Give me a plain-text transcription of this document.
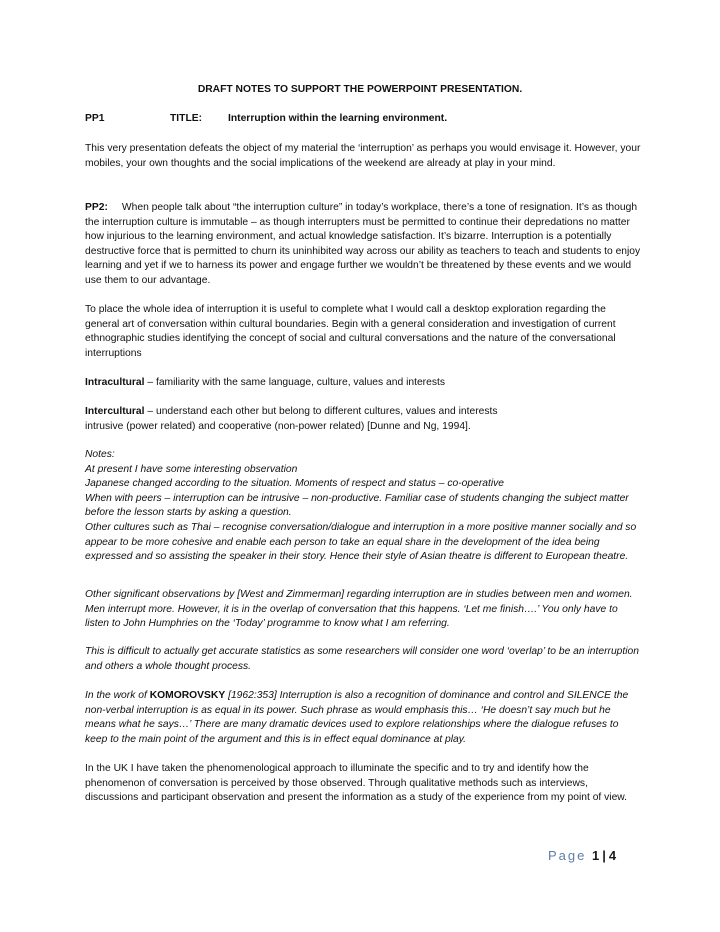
DRAFT NOTES TO SUPPORT THE POWERPOINT PRESENTATION.
PP1	TITLE:	Interruption within the learning environment.

This very presentation defeats the object of my material the ‘interruption’ as perhaps you would envisage it. However, your mobiles, your own thoughts and the social implications of the weekend are already at play in your mind.

PP2: When people talk about “the interruption culture” in today’s workplace, there’s a tone of resignation. It’s as though the interruption culture is immutable – as though interrupters must be permitted to continue their depredations no matter how injurious to the learning environment, and actual knowledge satisfaction. It’s bizarre. Interruption is a potentially destructive force that is permitted to churn its uninhibited way across our ability as teachers to teach and students to enjoy learning and yet if we to harness its power and engage further we wouldn’t be threatened by these events and we would use them to our advantage.

To place the whole idea of interruption it is useful to complete what I would call a desktop exploration regarding the general art of conversation within cultural boundaries. Begin with a general consideration and investigation of current ethnographic studies identifying the concept of social and cultural conversations and the nature of the conversational interruptions

Intracultural – familiarity with the same language, culture, values and interests

Intercultural – understand each other but belong to different cultures, values and interests
intrusive (power related) and cooperative (non-power related) [Dunne and Ng, 1994].
Notes:
At present I have some interesting observation
Japanese changed according to the situation. Moments of respect and status – co-operative
When with peers – interruption can be intrusive – non-productive. Familiar case of students changing the subject matter before the lesson starts by asking a question.
Other cultures such as Thai – recognise conversation/dialogue and interruption in a more positive manner socially and so appear to be more cohesive and enable each person to take an equal share in the development of the idea being expressed and so assisting the speaker in their story. Hence their style of Asian theatre is different to European theatre.

Other significant observations by [West and Zimmerman] regarding interruption are in studies between men and women. Men interrupt more. However, it is in the overlap of conversation that this happens. ‘Let me finish….’ You only have to listen to John Humphries on the ‘Today’ programme to know what I am referring.

This is difficult to actually get accurate statistics as some researchers will consider one word ‘overlap’ to be an interruption and others a whole thought process.

In the work of KOMOROVSKY [1962:353] Interruption is also a recognition of dominance and control and SILENCE the non-verbal interruption is as equal in its power. Such phrase as would emphasis this… ‘He doesn’t say much but he means what he says…’ There are many dramatic devices used to explore relationships where the dialogue refuses to keep to the main point of the argument and this is in effect equal dominance at play.

In the UK I have taken the phenomenological approach to illuminate the specific and to try and identify how the phenomenon of conversation is perceived by those observed. Through qualitative methods such as interviews, discussions and participant observation and present the information as a study of the experience from my point of view.

Page 1 | 4
